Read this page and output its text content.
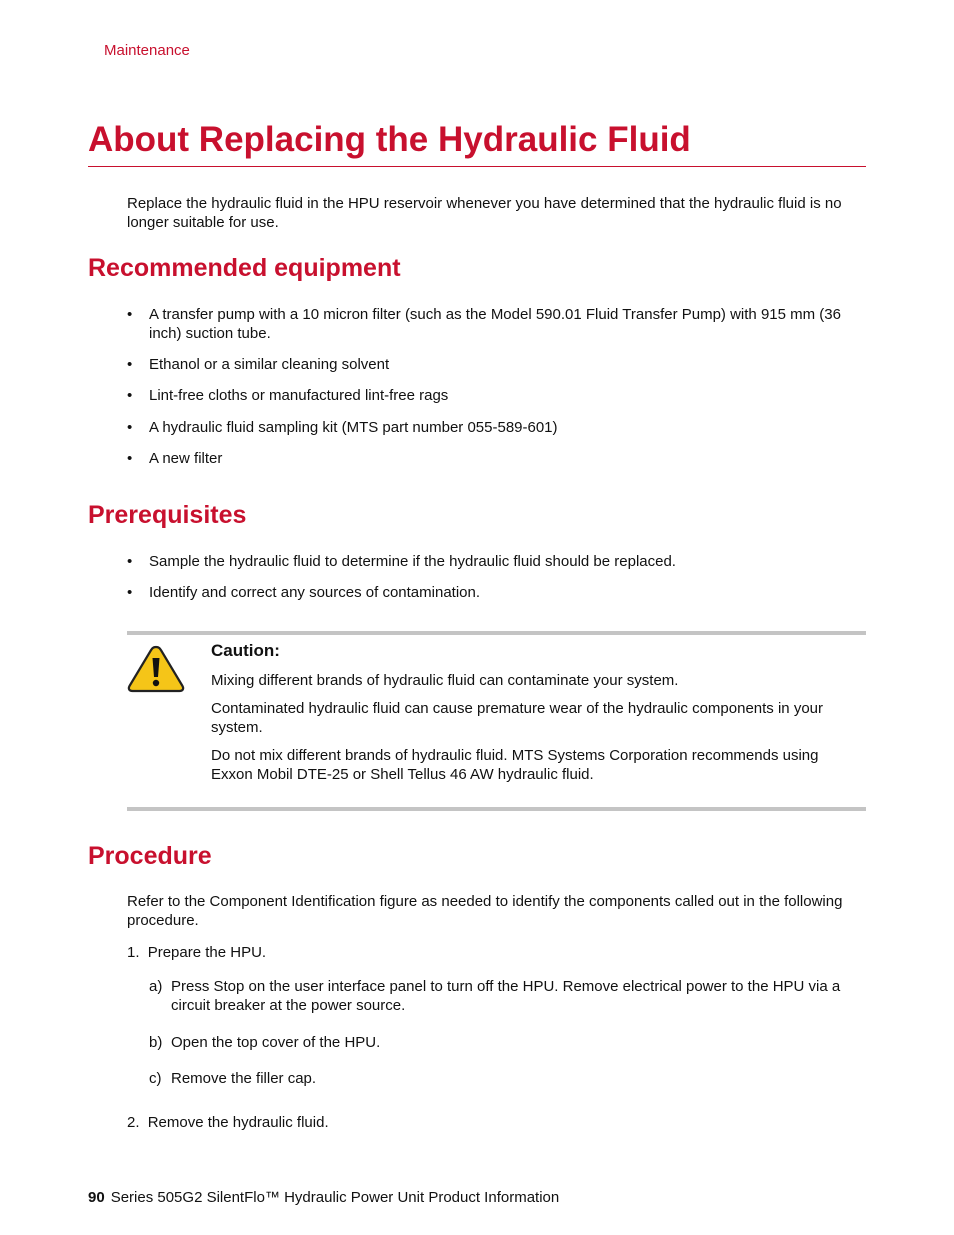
Maintenance
About Replacing the Hydraulic Fluid
Replace the hydraulic fluid in the HPU reservoir whenever you have determined that the hydraulic fluid is no longer suitable for use.
Recommended equipment
• A transfer pump with a 10 micron filter (such as the Model 590.01 Fluid Transfer Pump) with 915 mm (36 inch) suction tube.
• Ethanol or a similar cleaning solvent
• Lint-free cloths or manufactured lint-free rags
• A hydraulic fluid sampling kit (MTS part number 055-589-601)
• A new filter
Prerequisites
• Sample the hydraulic fluid to determine if the hydraulic fluid should be replaced.
• Identify and correct any sources of contamination.
Caution:
Mixing different brands of hydraulic fluid can contaminate your system.
Contaminated hydraulic fluid can cause premature wear of the hydraulic components in your system.
Do not mix different brands of hydraulic fluid. MTS Systems Corporation recommends using Exxon Mobil DTE-25 or Shell Tellus 46 AW hydraulic fluid.
Procedure
Refer to the Component Identification figure as needed to identify the components called out in the following procedure.
1. Prepare the HPU.
a) Press Stop on the user interface panel to turn off the HPU. Remove electrical power to the HPU via a circuit breaker at the power source.
b) Open the top cover of the HPU.
c) Remove the filler cap.
2. Remove the hydraulic fluid.
90 Series 505G2 SilentFlo™ Hydraulic Power Unit Product Information
